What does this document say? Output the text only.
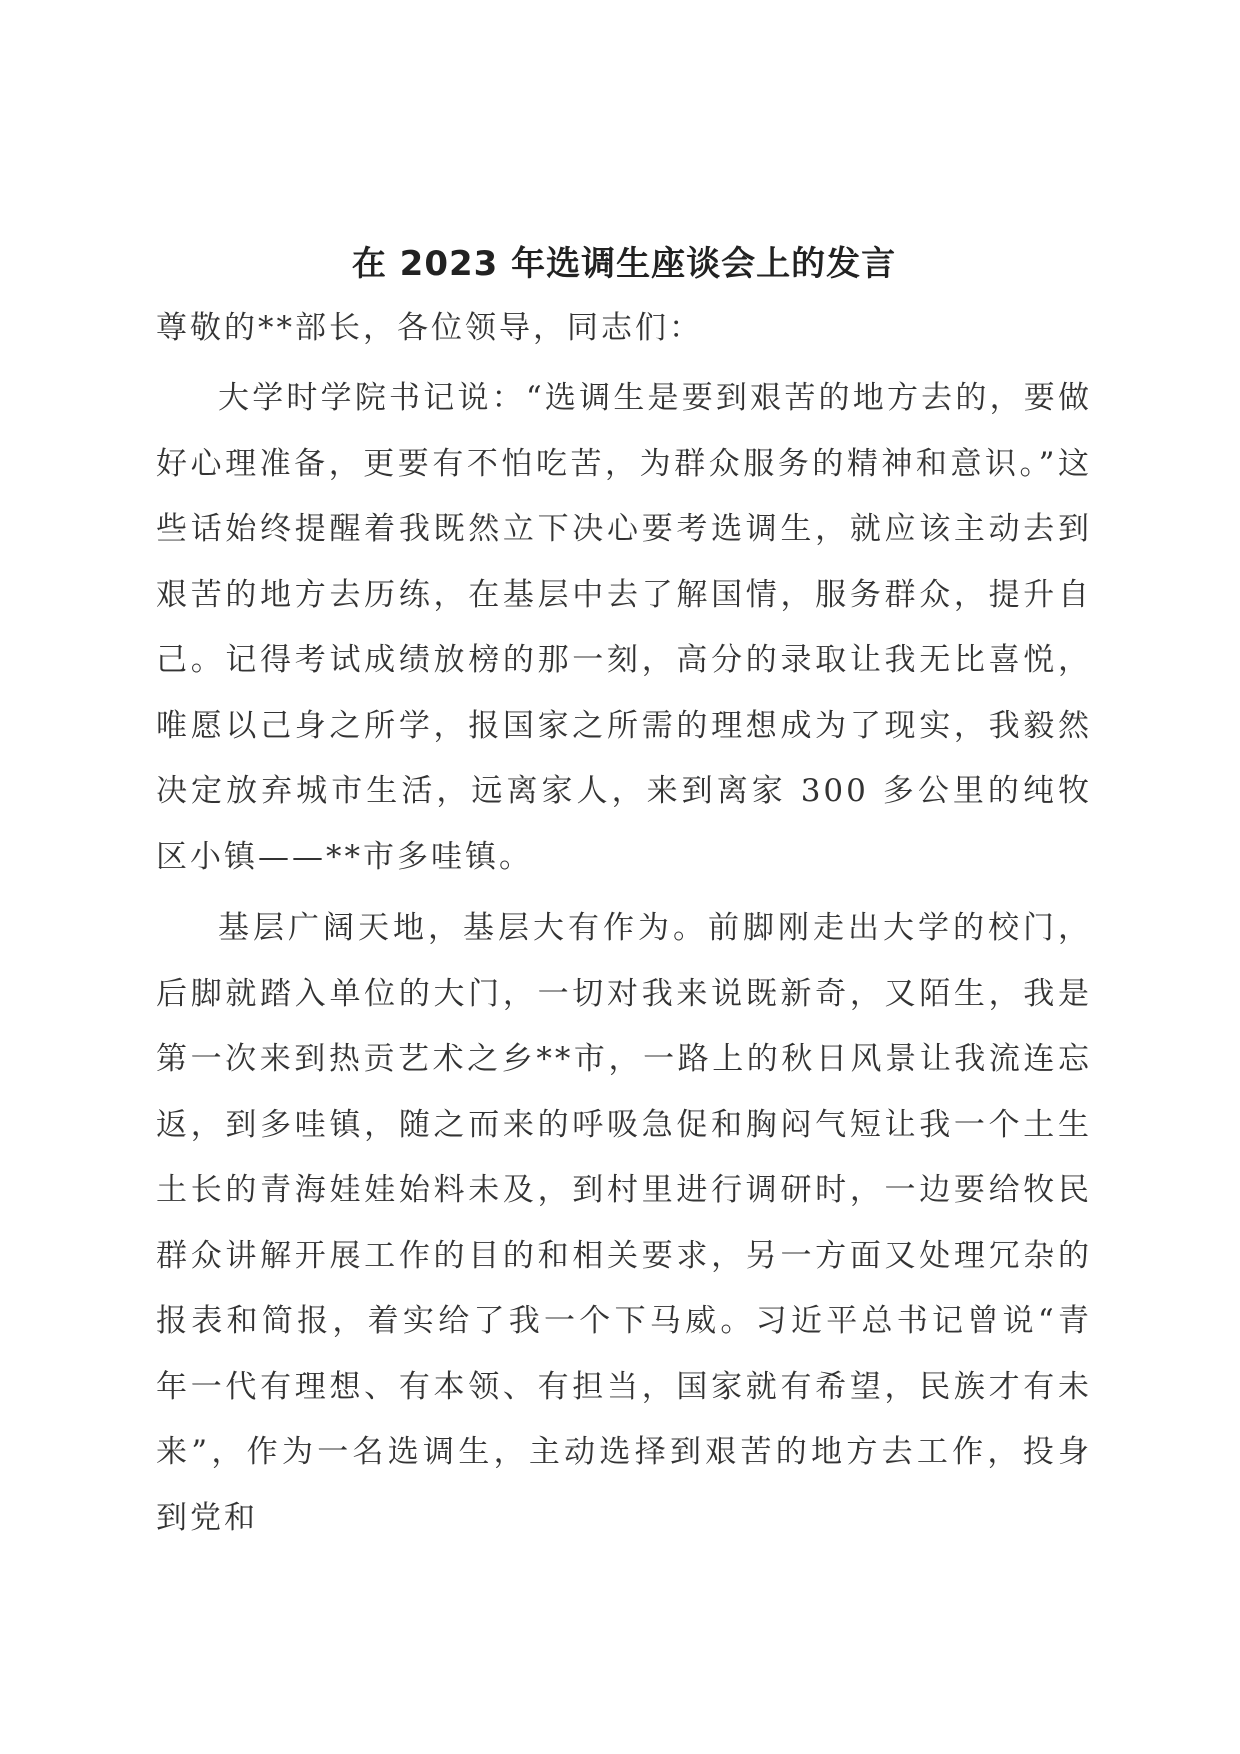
在 2023 年选调生座谈会上的发言

尊敬的**部长，各位领导，同志们：

大学时学院书记说：“选调生是要到艰苦的地方去的，要做好心理准备，更要有不怕吃苦，为群众服务的精神和意识。”这些话始终提醒着我既然立下决心要考选调生，就应该主动去到艰苦的地方去历练，在基层中去了解国情，服务群众，提升自己。记得考试成绩放榜的那一刻，高分的录取让我无比喜悦，唯愿以己身之所学，报国家之所需的理想成为了现实，我毅然决定放弃城市生活，远离家人，来到离家 300 多公里的纯牧区小镇——**市多哇镇。

基层广阔天地，基层大有作为。前脚刚走出大学的校门，后脚就踏入单位的大门，一切对我来说既新奇，又陌生，我是第一次来到热贡艺术之乡**市，一路上的秋日风景让我流连忘返，到多哇镇，随之而来的呼吸急促和胸闷气短让我一个土生土长的青海娃娃始料未及，到村里进行调研时，一边要给牧民群众讲解开展工作的目的和相关要求，另一方面又处理冗杂的报表和简报，着实给了我一个下马威。习近平总书记曾说“青年一代有理想、有本领、有担当，国家就有希望，民族才有未来”，作为一名选调生，主动选择到艰苦的地方去工作，投身到党和
